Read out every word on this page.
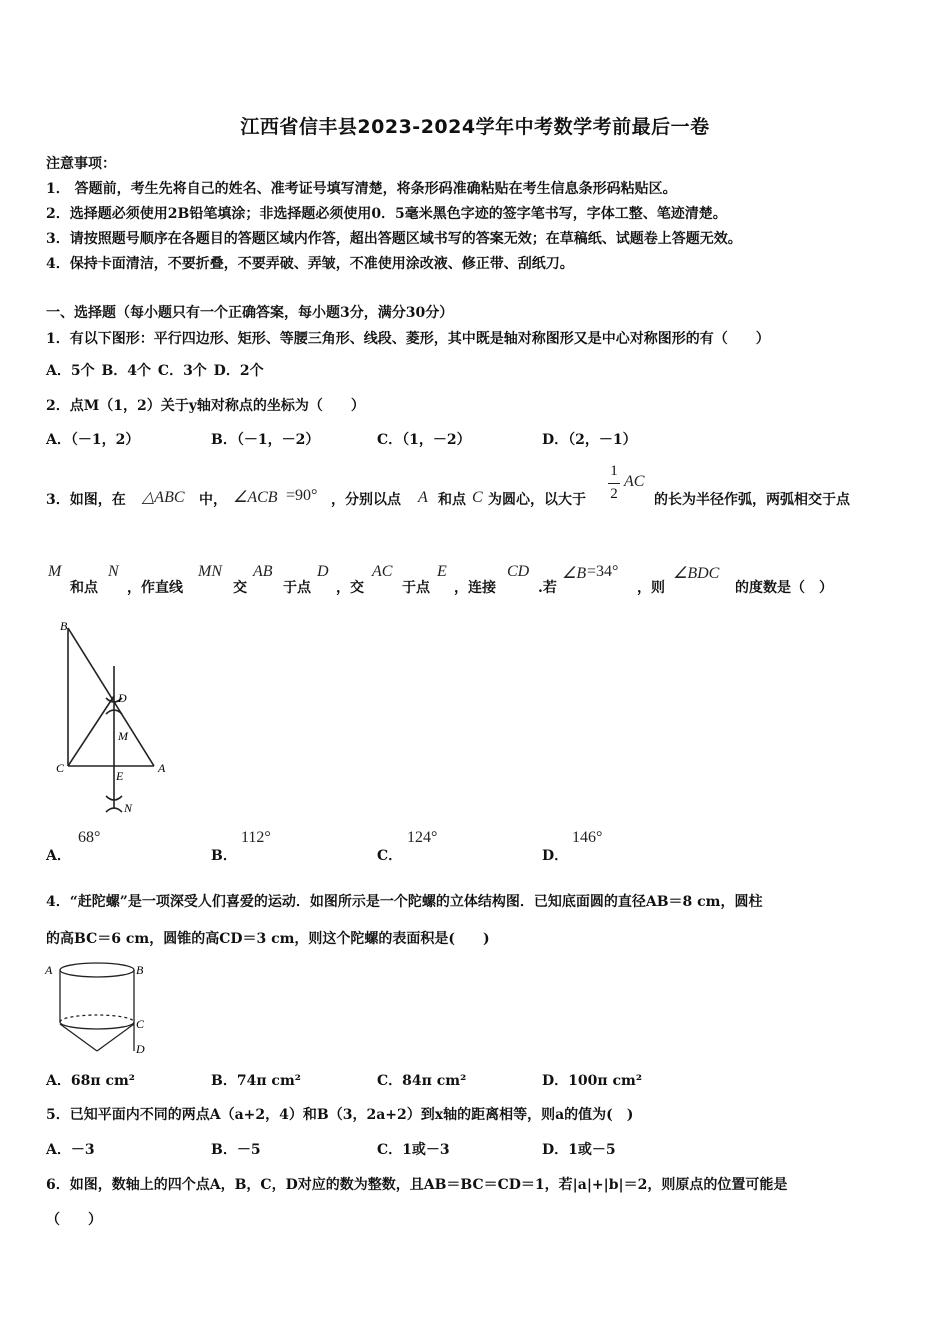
江西省信丰县2023-2024学年中考数学考前最后一卷
注意事项：
1． 答题前，考生先将自己的姓名、准考证号填写清楚，将条形码准确粘贴在考生信息条形码粘贴区。
2．选择题必须使用2B铅笔填涂；非选择题必须使用0．5毫米黑色字迹的签字笔书写，字体工整、笔迹清楚。
3．请按照题号顺序在各题目的答题区域内作答，超出答题区域书写的答案无效；在草稿纸、试题卷上答题无效。
4．保持卡面清洁，不要折叠，不要弄破、弄皱，不准使用涂改液、修正带、刮纸刀。
一、选择题（每小题只有一个正确答案，每小题3分，满分30分）
1．有以下图形：平行四边形、矩形、等腰三角形、线段、菱形，其中既是轴对称图形又是中心对称图形的有（　　）
A．5个 B．4个 C．3个 D．2个
2．点M（1，2）关于y轴对称点的坐标为（　　）
A．（－1，2）	B．（－1，－2）	C．（1，－2）	D．（2，－1）
3．如图，在 △ABC 中， ∠ACB =90° ，分别以点 A 和点 C 为圆心，以大于
1
2
AC
的长为半径作弧，两弧相交于点
M
和点
N
，作直线
MN
交
AB
于点
D
，交
AC
于点
E
，连接
CD
.若
∠B =34°
，则
∠BDC
的度数是（　）
B
D
M
C
E
A
N
A．
68°
B．
112°
C．
124°
D．
146°
4．“赶陀螺”是一项深受人们喜爱的运动．如图所示是一个陀螺的立体结构图．已知底面圆的直径AB＝8 cm，圆柱
的高BC＝6 cm，圆锥的高CD＝3 cm，则这个陀螺的表面积是(　　)
A	B
C
D
A．68π cm²	B．74π cm²	C．84π cm²	D．100π cm²
5．已知平面内不同的两点A（a+2，4）和B（3，2a+2）到x轴的距离相等，则a的值为(　)
A．－3	B．－5	C．1或－3	D．1或－5
6．如图，数轴上的四个点A，B，C，D对应的数为整数，且AB＝BC＝CD＝1，若|a|+|b|＝2，则原点的位置可能是
（　　）
